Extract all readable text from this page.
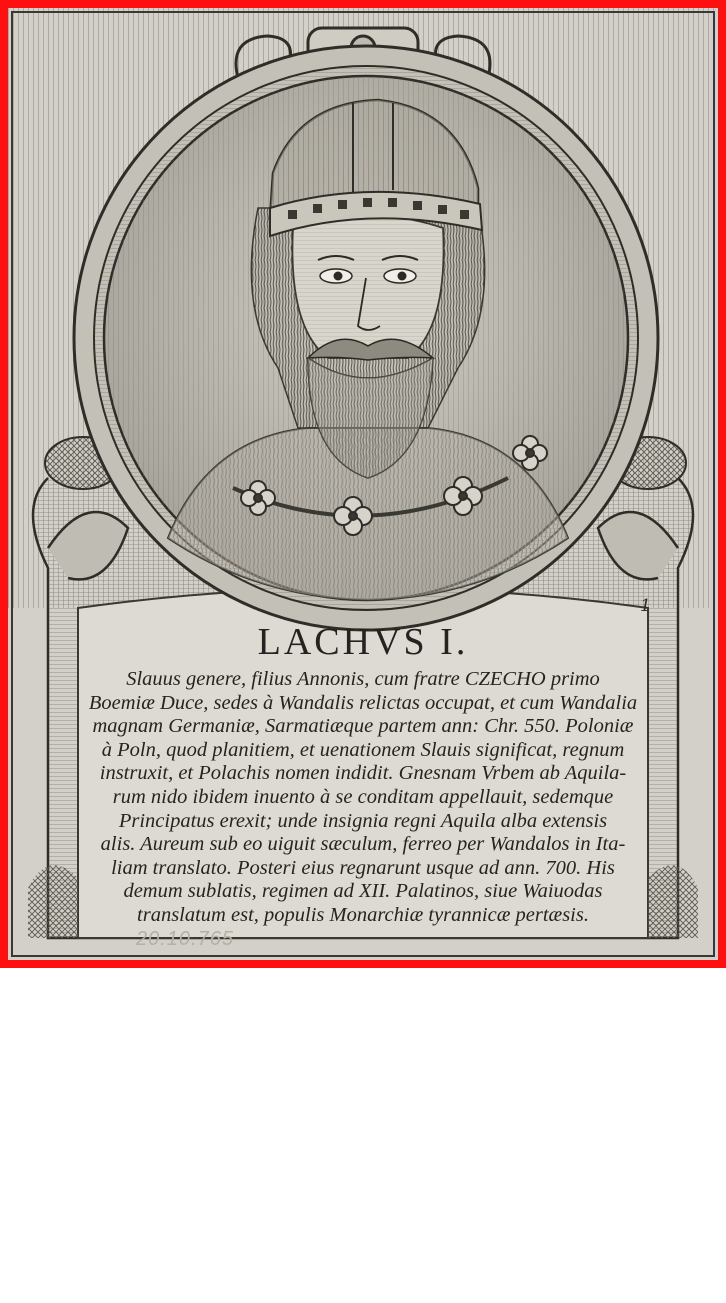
1
LACHVS I.
Slauus genere, filius Annonis, cum fratre CZECHO primo
Boemiæ Duce, sedes à Wandalis relictas occupat, et cum Wandalia
magnam Germaniæ, Sarmatiæque partem ann: Chr. 550. Poloniæ
à Poln, quod planitiem, et uenationem Slauis significat, regnum
instruxit, et Polachis nomen indidit. Gnesnam Vrbem ab Aquila-
rum nido ibidem inuento à se conditam appellauit, sedemque
Principatus erexit; unde insignia regni Aquila alba extensis
alis. Aureum sub eo uiguit sæculum, ferreo per Wandalos in Ita-
liam translato. Posteri eius regnarunt usque ad ann. 700. His
demum sublatis, regimen ad XII. Palatinos, siue Waiuodas
translatum est, populis Monarchiæ tyrannicæ pertæsis.
20.10.765
